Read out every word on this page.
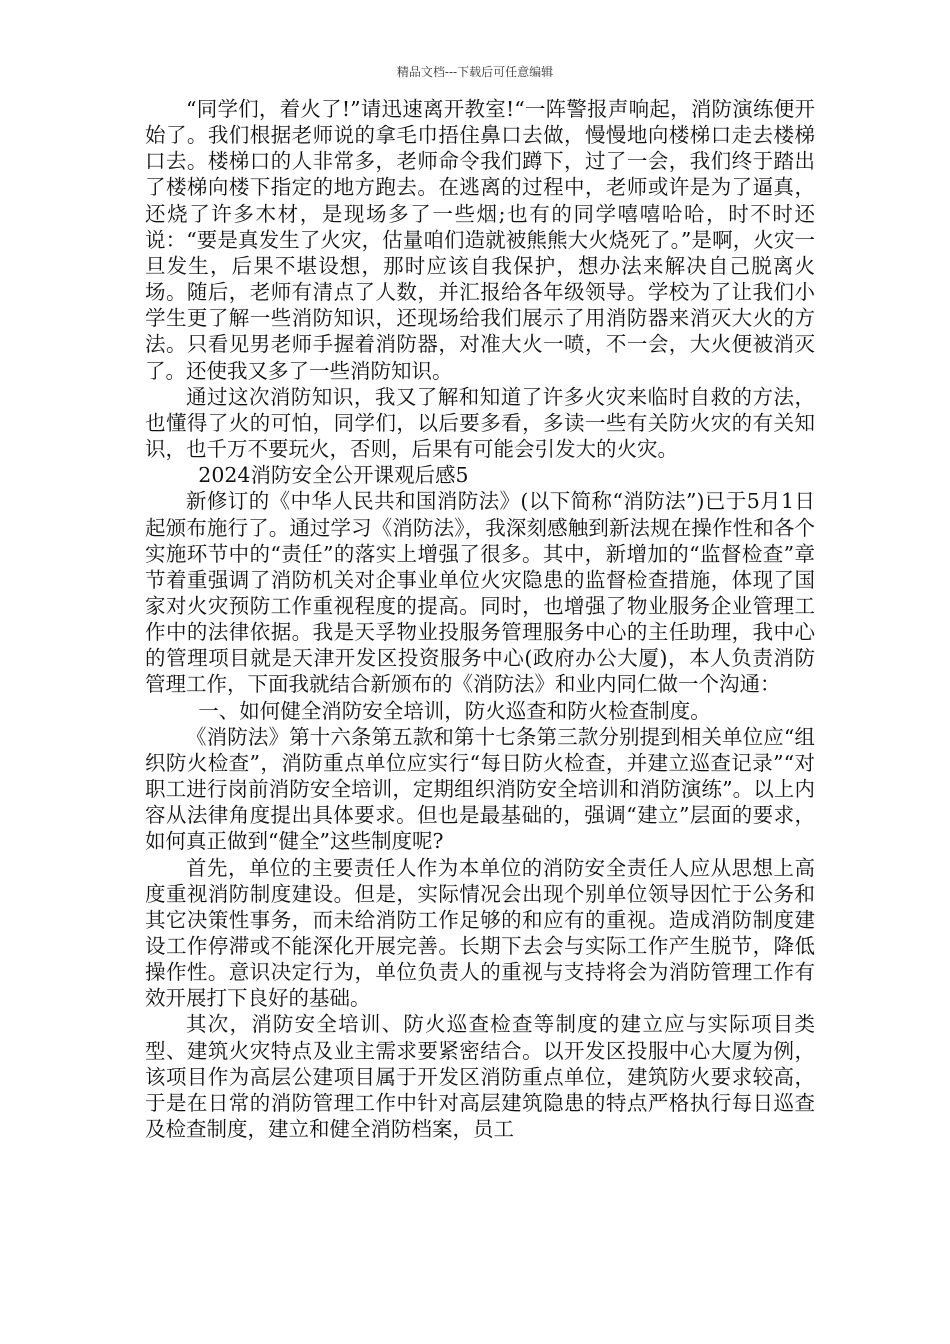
精品文档---下载后可任意编辑

“同学们，着火了!”请迅速离开教室!“一阵警报声响起，消防演练便开始了。我们根据老师说的拿毛巾捂住鼻口去做，慢慢地向楼梯口走去楼梯口去。楼梯口的人非常多，老师命令我们蹲下，过了一会，我们终于踏出了楼梯向楼下指定的地方跑去。在逃离的过程中，老师或许是为了逼真，还烧了许多木材，是现场多了一些烟;也有的同学嘻嘻哈哈，时不时还说：“要是真发生了火灾，估量咱们造就被熊熊大火烧死了。”是啊，火灾一旦发生，后果不堪设想，那时应该自我保护，想办法来解决自己脱离火场。随后，老师有清点了人数，并汇报给各年级领导。学校为了让我们小学生更了解一些消防知识，还现场给我们展示了用消防器来消灭大火的方法。只看见男老师手握着消防器，对准大火一喷，不一会，大火便被消灭了。还使我又多了一些消防知识。

通过这次消防知识，我又了解和知道了许多火灾来临时自救的方法，也懂得了火的可怕，同学们，以后要多看，多读一些有关防火灾的有关知识，也千万不要玩火，否则，后果有可能会引发大的火灾。

2024消防安全公开课观后感5

新修订的《中华人民共和国消防法》(以下简称“消防法”)已于5月1日起颁布施行了。通过学习《消防法》，我深刻感触到新法规在操作性和各个实施环节中的“责任”的落实上增强了很多。其中，新增加的“监督检查”章节着重强调了消防机关对企事业单位火灾隐患的监督检查措施，体现了国家对火灾预防工作重视程度的提高。同时，也增强了物业服务企业管理工作中的法律依据。我是天孚物业投服务管理服务中心的主任助理，我中心的管理项目就是天津开发区投资服务中心(政府办公大厦)，本人负责消防管理工作，下面我就结合新颁布的《消防法》和业内同仁做一个沟通：

一、如何健全消防安全培训，防火巡查和防火检查制度。

《消防法》第十六条第五款和第十七条第三款分别提到相关单位应“组织防火检查”，消防重点单位应实行“每日防火检查，并建立巡查记录”“对职工进行岗前消防安全培训，定期组织消防安全培训和消防演练”。以上内容从法律角度提出具体要求。但也是最基础的，强调“建立”层面的要求，如何真正做到“健全”这些制度呢?

首先，单位的主要责任人作为本单位的消防安全责任人应从思想上高度重视消防制度建设。但是，实际情况会出现个别单位领导因忙于公务和其它决策性事务，而未给消防工作足够的和应有的重视。造成消防制度建设工作停滞或不能深化开展完善。长期下去会与实际工作产生脱节，降低操作性。意识决定行为，单位负责人的重视与支持将会为消防管理工作有效开展打下良好的基础。

其次，消防安全培训、防火巡查检查等制度的建立应与实际项目类型、建筑火灾特点及业主需求要紧密结合。以开发区投服中心大厦为例，该项目作为高层公建项目属于开发区消防重点单位，建筑防火要求较高，于是在日常的消防管理工作中针对高层建筑隐患的特点严格执行每日巡查及检查制度，建立和健全消防档案，员工
